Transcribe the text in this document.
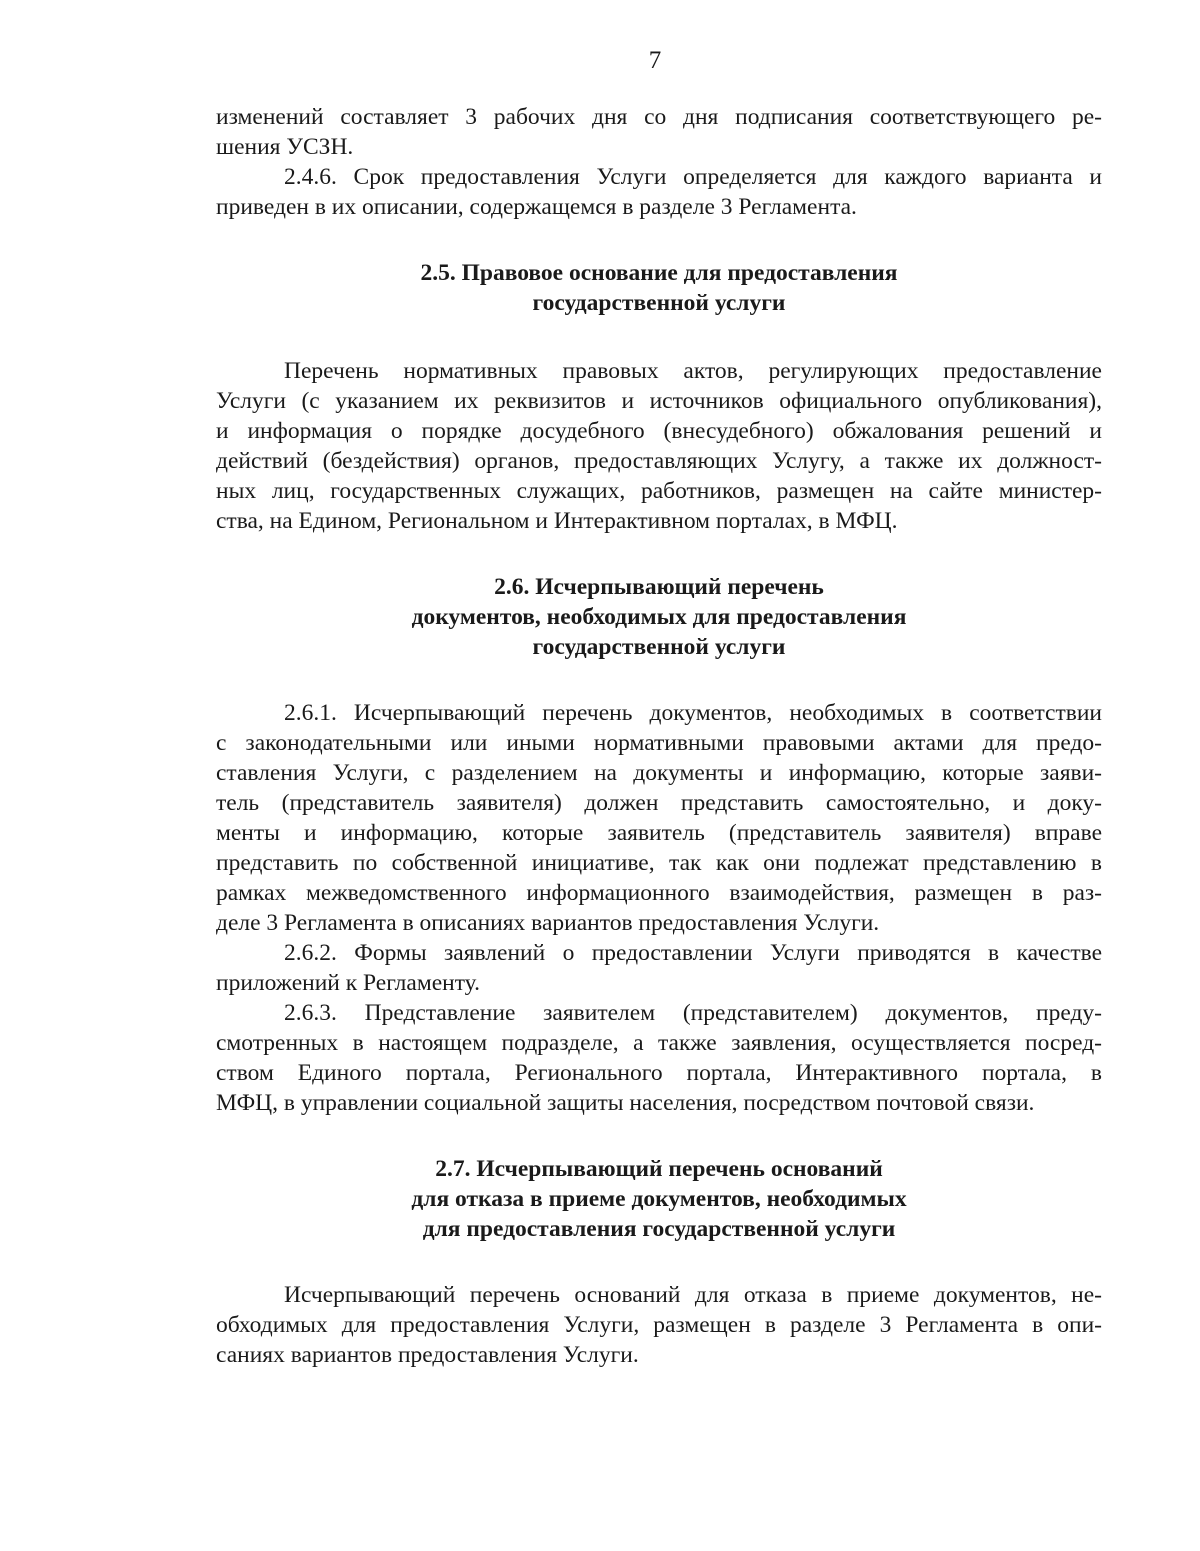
7
изменений составляет 3 рабочих дня со дня подписания соответствующего ре-
шения УСЗН.
2.4.6. Срок предоставления Услуги определяется для каждого варианта и
приведен в их описании, содержащемся в разделе 3 Регламента.
2.5. Правовое основание для предоставления
государственной услуги
Перечень нормативных правовых актов, регулирующих предоставление
Услуги (с указанием их реквизитов и источников официального опубликования),
и информация о порядке досудебного (внесудебного) обжалования решений и
действий (бездействия) органов, предоставляющих Услугу, а также их должност-
ных лиц, государственных служащих, работников, размещен на сайте министер-
ства, на Едином, Региональном и Интерактивном порталах, в МФЦ.
2.6. Исчерпывающий перечень
документов, необходимых для предоставления
государственной услуги
2.6.1. Исчерпывающий перечень документов, необходимых в соответствии
с законодательными или иными нормативными правовыми актами для предо-
ставления Услуги, с разделением на документы и информацию, которые заяви-
тель (представитель заявителя) должен представить самостоятельно, и доку-
менты и информацию, которые заявитель (представитель заявителя) вправе
представить по собственной инициативе, так как они подлежат представлению в
рамках межведомственного информационного взаимодействия, размещен в раз-
деле 3 Регламента в описаниях вариантов предоставления Услуги.
2.6.2. Формы заявлений о предоставлении Услуги приводятся в качестве
приложений к Регламенту.
2.6.3. Представление заявителем (представителем) документов, преду-
смотренных в настоящем подразделе, а также заявления, осуществляется посред-
ством Единого портала, Регионального портала, Интерактивного портала, в
МФЦ, в управлении социальной защиты населения, посредством почтовой связи.
2.7. Исчерпывающий перечень оснований
для отказа в приеме документов, необходимых
для предоставления государственной услуги
Исчерпывающий перечень оснований для отказа в приеме документов, не-
обходимых для предоставления Услуги, размещен в разделе 3 Регламента в опи-
саниях вариантов предоставления Услуги.
